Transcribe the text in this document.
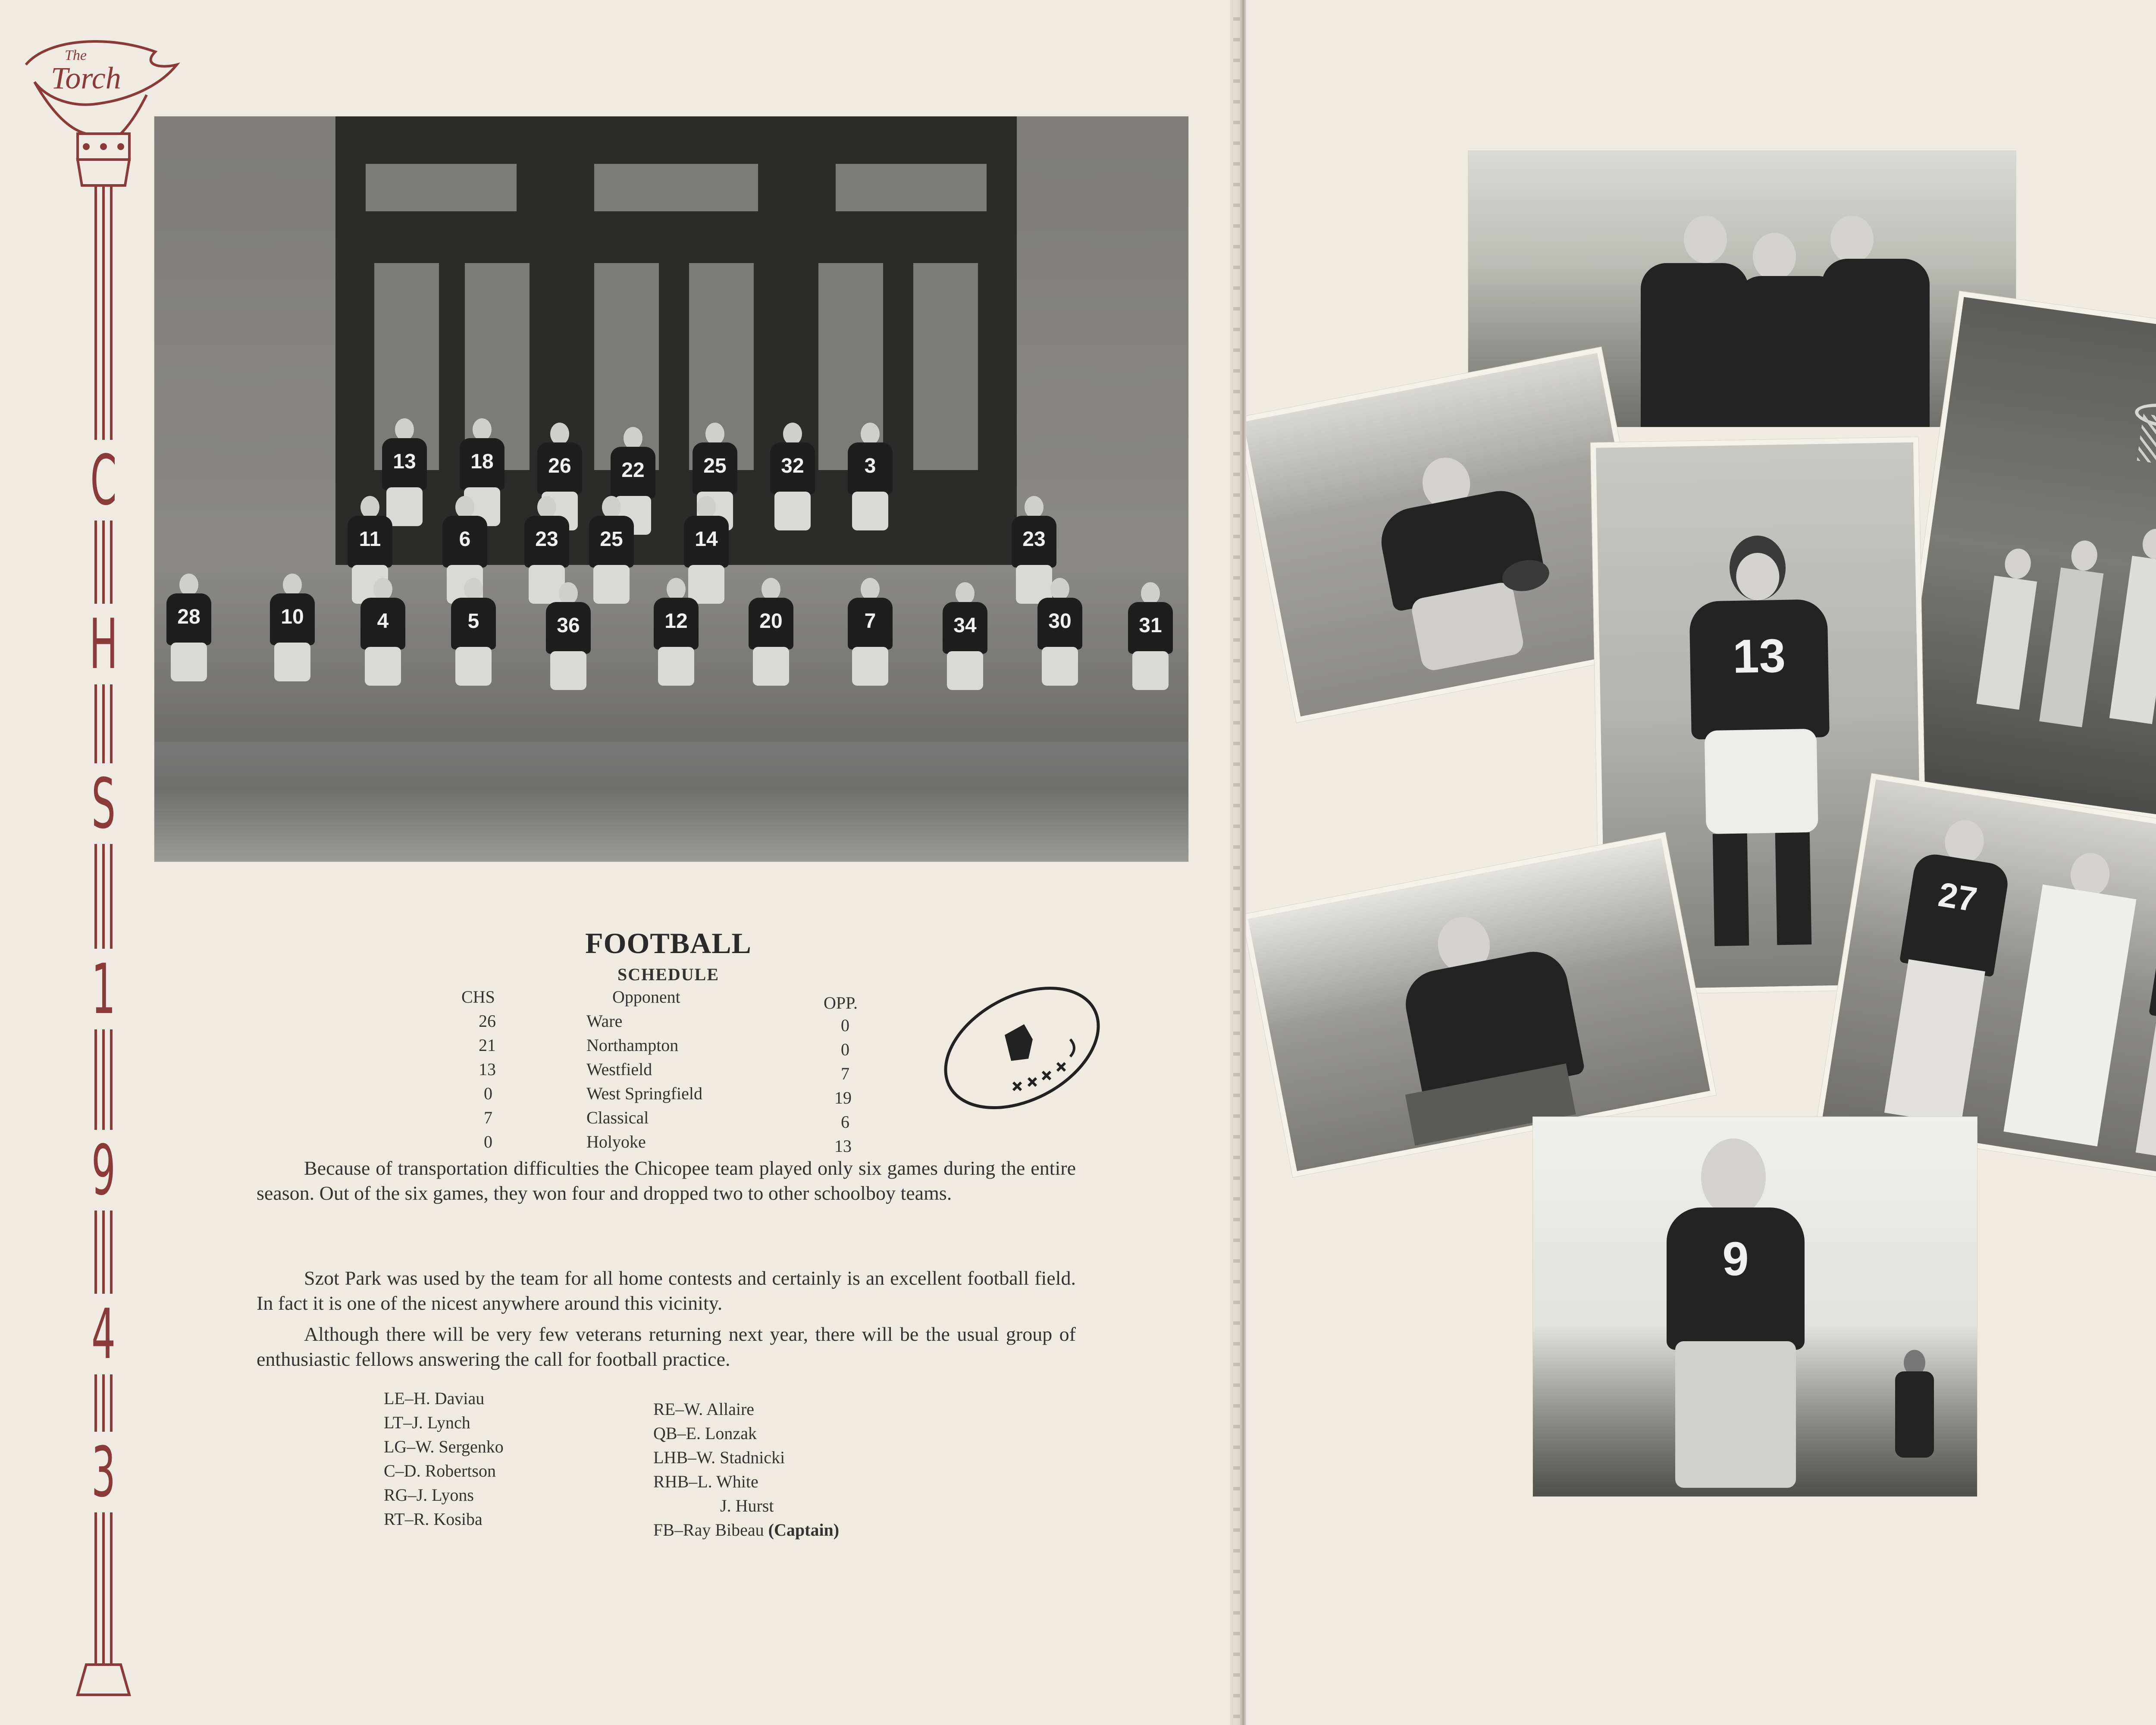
The
Torch
C
H
S
1
9
4
3
13	18	26	22	25	32	3
11	6	23	25	14	23
28	10	4	5	36	12	20	7	34	30	31
FOOTBALL
SCHEDULE
CHS	Opponent	OPP.
26	Ware	0
21	Northampton	0
13	Westfield	7
0	West Springfield	19
7	Classical	6
0	Holyoke	13
Because of transportation difficulties the Chicopee team played only six games during the entire season. Out of the six games, they won four and dropped two to other schoolboy teams.
Szot Park was used by the team for all home contests and certainly is an excellent football field. In fact it is one of the nicest anywhere around this vicinity.
Although there will be very few veterans returning next year, there will be the usual group of enthusiastic fellows answering the call for football practice.
LE–H. Daviau
LT–J. Lynch
LG–W. Sergenko
C–D. Robertson
RG–J. Lyons
RT–R. Kosiba
RE–W. Allaire
QB–E. Lonzak
LHB–W. Stadnicki
RHB–L. White
J. Hurst
FB–Ray Bibeau (Captain)
13
27
9
